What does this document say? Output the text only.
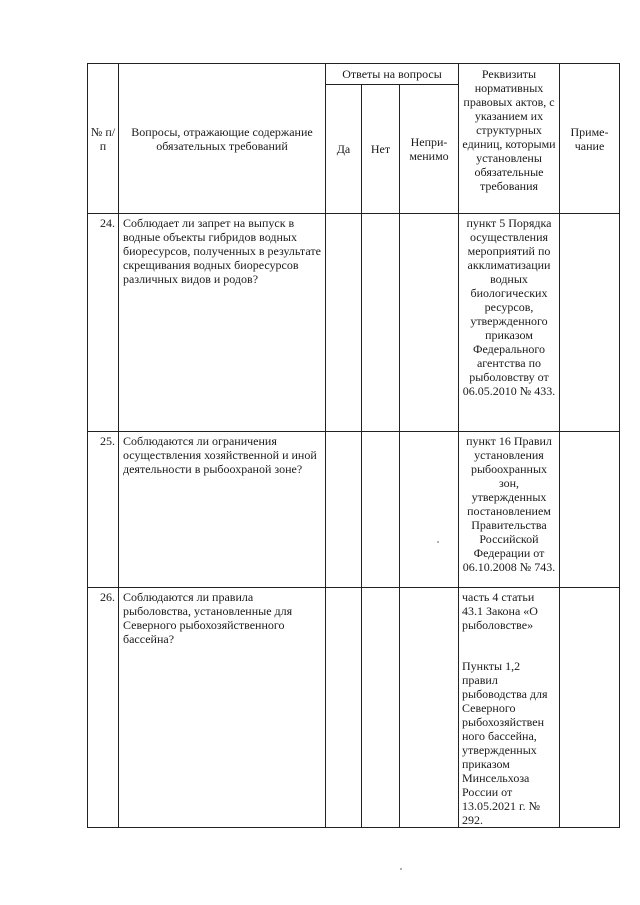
№ п/п	Вопросы, отражающие содержание обязательных требований	Ответы на вопросы			Реквизиты нормативных правовых актов, с указанием их структурных единиц, которыми установлены обязательные требования	Приме-чание
		Да	Нет	Непри-менимо		
24.	Соблюдает ли запрет на выпуск в водные объекты гибридов водных биоресурсов, полученных в результате скрещивания водных биоресурсов различных видов и родов?				пункт 5 Порядка осуществления мероприятий по акклиматизации водных биологических ресурсов, утвержденного приказом Федерального агентства по рыболовству от 06.05.2010 № 433.	
25.	Соблюдаются ли ограничения осуществления хозяйственной и иной деятельности в рыбоохраной зоне?				пункт 16 Правил установления рыбоохранных зон, утвержденных постановлением Правительства Российской Федерации от 06.10.2008 № 743.	
26.	Соблюдаются ли правила рыболовства, установленные для Северного рыбохозяйственного бассейна?				часть 4 статьи 43.1 Закона «О рыболовстве»
Пункты 1,2 правил рыбоводства для Северного рыбохозяйствен ного бассейна, утвержденных приказом Минсельхоза России от 13.05.2021 г. № 292.	
